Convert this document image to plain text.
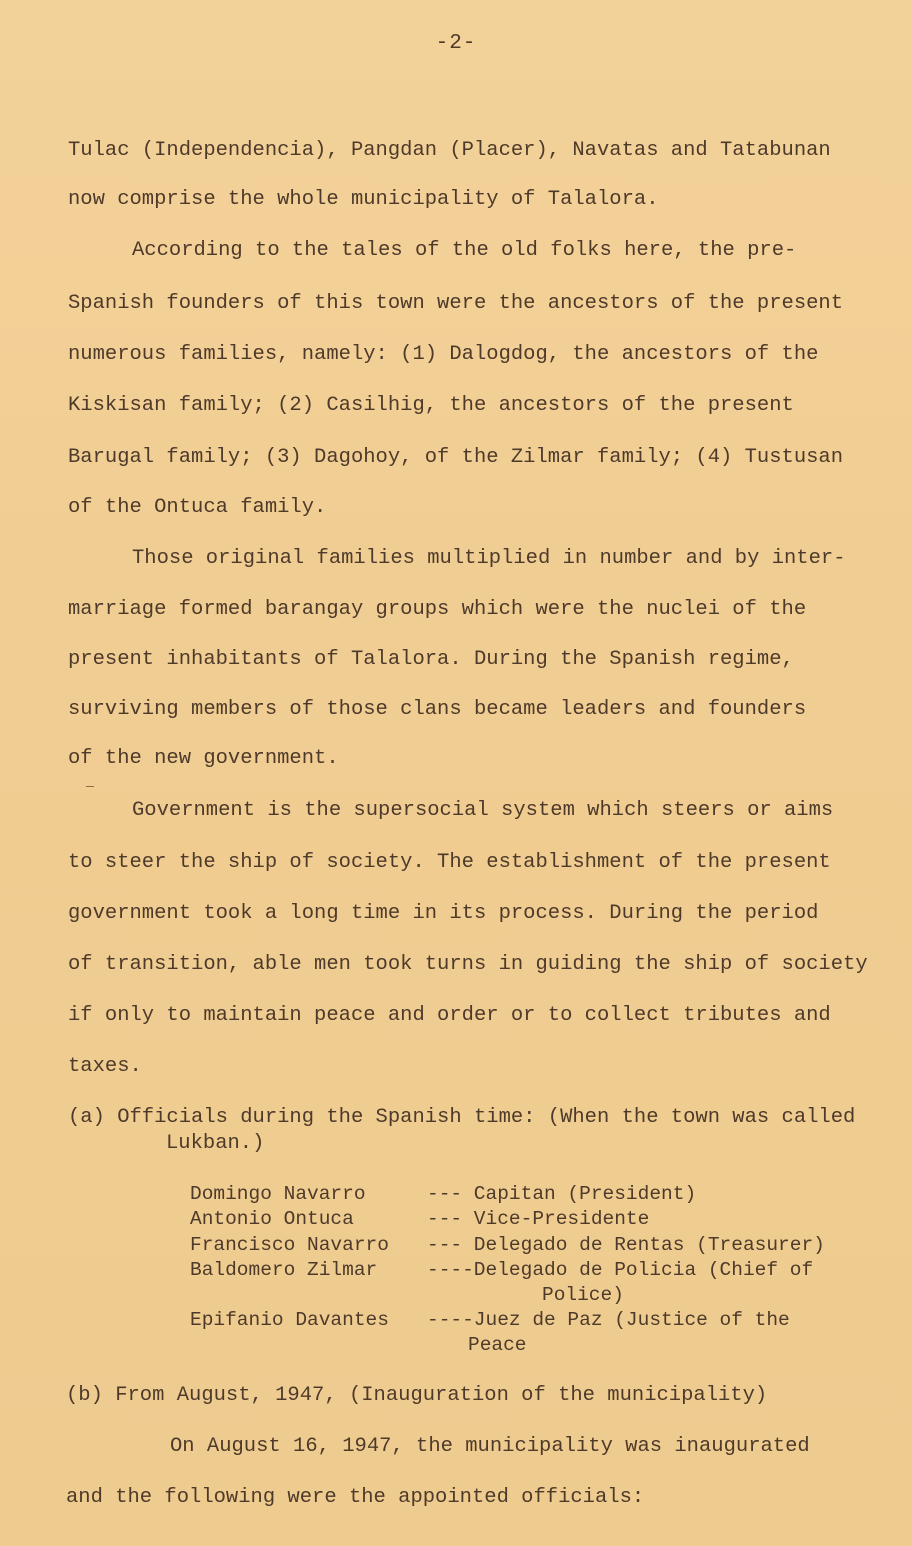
-2-
Tulac (Independencia), Pangdan (Placer), Navatas and Tatabunan
now comprise the whole municipality of Talalora.
According to the tales of the old folks here, the pre-
Spanish founders of this town were the ancestors of the present
numerous families, namely: (1) Dalogdog, the ancestors of the
Kiskisan family; (2) Casilhig, the ancestors of the present
Barugal family; (3) Dagohoy, of the Zilmar family; (4) Tustusan
of the Ontuca family.
Those original families multiplied in number and by inter-
marriage formed barangay groups which were the nuclei of the
present inhabitants of Talalora. During the Spanish regime,
surviving members of those clans became leaders and founders
of the new government.
Government is the supersocial system which steers or aims
to steer the ship of society. The establishment of the present
government took a long time in its process. During the period
of transition, able men took turns in guiding the ship of society
if only to maintain peace and order or to collect tributes and
taxes.
(a) Officials during the Spanish time: (When the town was called
Lukban.)
Domingo Navarro	--- Capitan (President)
Antonio Ontuca	--- Vice-Presidente
Francisco Navarro --- Delegado de Rentas (Treasurer)
Baldomero Zilmar	----Delegado de Policia (Chief of
Police)
Epifanio Davantes ----Juez de Paz (Justice of the
Peace
(b) From August, 1947, (Inauguration of the municipality)
On August 16, 1947, the municipality was inaugurated
and the following were the appointed officials:
